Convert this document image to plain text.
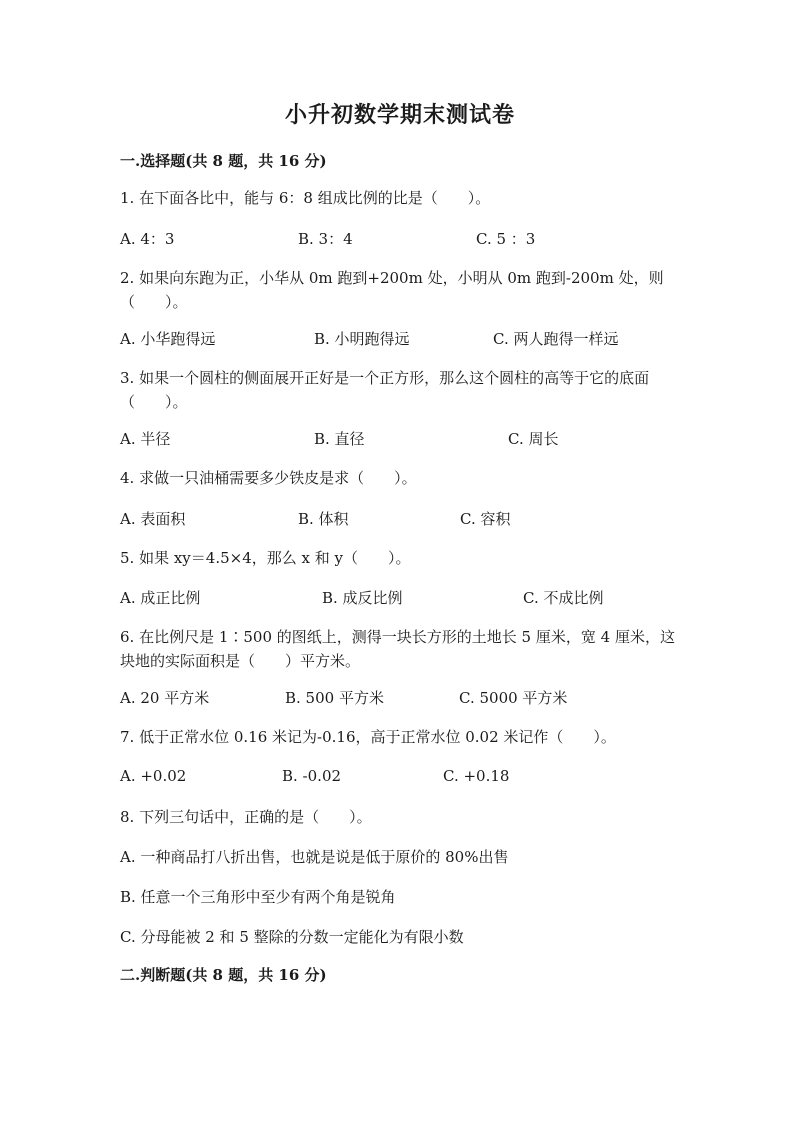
小升初数学期末测试卷
一.选择题(共 8 题，共 16 分)
1. 在下面各比中，能与 6：8 组成比例的比是（　　）。
A. 4：3	B. 3：4	C. 5 ：3
2. 如果向东跑为正，小华从 0m 跑到+200m 处，小明从 0m 跑到-200m 处，则（　　）。
A. 小华跑得远	B. 小明跑得远	C. 两人跑得一样远
3. 如果一个圆柱的侧面展开正好是一个正方形，那么这个圆柱的高等于它的底面（　　）。
A. 半径	B. 直径	C. 周长
4. 求做一只油桶需要多少铁皮是求（　　）。
A. 表面积	B. 体积	C. 容积
5. 如果 xy＝4.5×4，那么 x 和 y（　　）。
A. 成正比例	B. 成反比例	C. 不成比例
6. 在比例尺是 1∶500 的图纸上，测得一块长方形的土地长 5 厘米，宽 4 厘米，这块地的实际面积是（　　）平方米。
A. 20 平方米	B. 500 平方米	C. 5000 平方米
7. 低于正常水位 0.16 米记为-0.16，高于正常水位 0.02 米记作（　　）。
A. +0.02	B. -0.02	C. +0.18
8. 下列三句话中，正确的是（　　）。
A. 一种商品打八折出售，也就是说是低于原价的 80%出售
B. 任意一个三角形中至少有两个角是锐角
C. 分母能被 2 和 5 整除的分数一定能化为有限小数
二.判断题(共 8 题，共 16 分)
